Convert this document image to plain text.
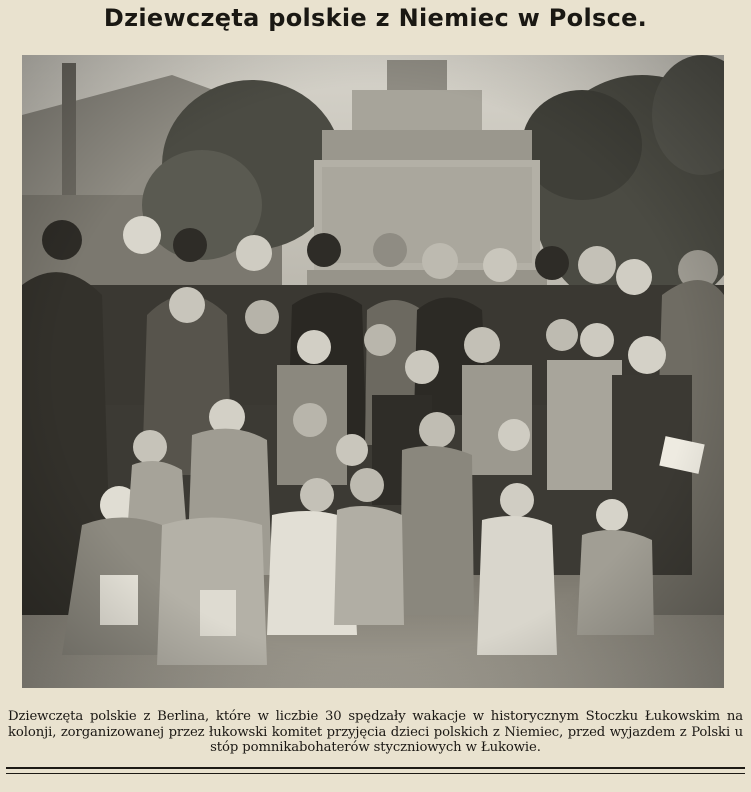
Dziewczęta polskie z Niemiec w Polsce.
Dziewczęta polskie z Berlina, które w liczbie 30 spędzały wakacje w historycznym Stoczku Łukowskim na kolonji, zorganizowanej przez łukowski komitet przyjęcia dzieci polskich z Niemiec, przed wyjazdem z Polski u stóp pomnikabohaterów styczniowych w Łukowie.
